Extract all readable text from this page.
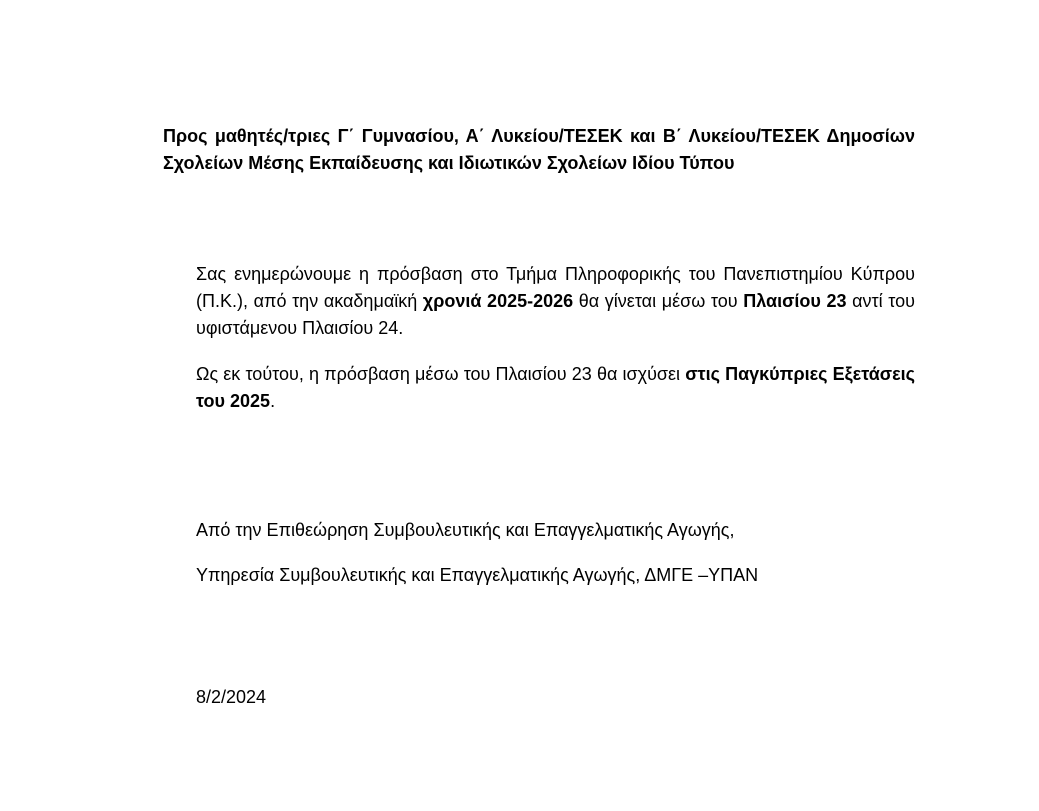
Προς μαθητές/τριες Γ΄ Γυμνασίου, Α΄ Λυκείου/ΤΕΣΕΚ και Β΄ Λυκείου/ΤΕΣΕΚ Δημοσίων Σχολείων Μέσης Εκπαίδευσης και Ιδιωτικών Σχολείων Ιδίου Τύπου

Σας ενημερώνουμε η πρόσβαση στο Τμήμα Πληροφορικής του Πανεπιστημίου Κύπρου (Π.Κ.), από την ακαδημαϊκή χρονιά 2025-2026 θα γίνεται μέσω του Πλαισίου 23 αντί του υφιστάμενου Πλαισίου 24.

Ως εκ τούτου, η πρόσβαση μέσω του Πλαισίου 23 θα ισχύσει στις Παγκύπριες Εξετάσεις του 2025.

Από την Επιθεώρηση Συμβουλευτικής και Επαγγελματικής Αγωγής,

Υπηρεσία Συμβουλευτικής και Επαγγελματικής Αγωγής, ΔΜΓΕ –ΥΠΑΝ

8/2/2024
